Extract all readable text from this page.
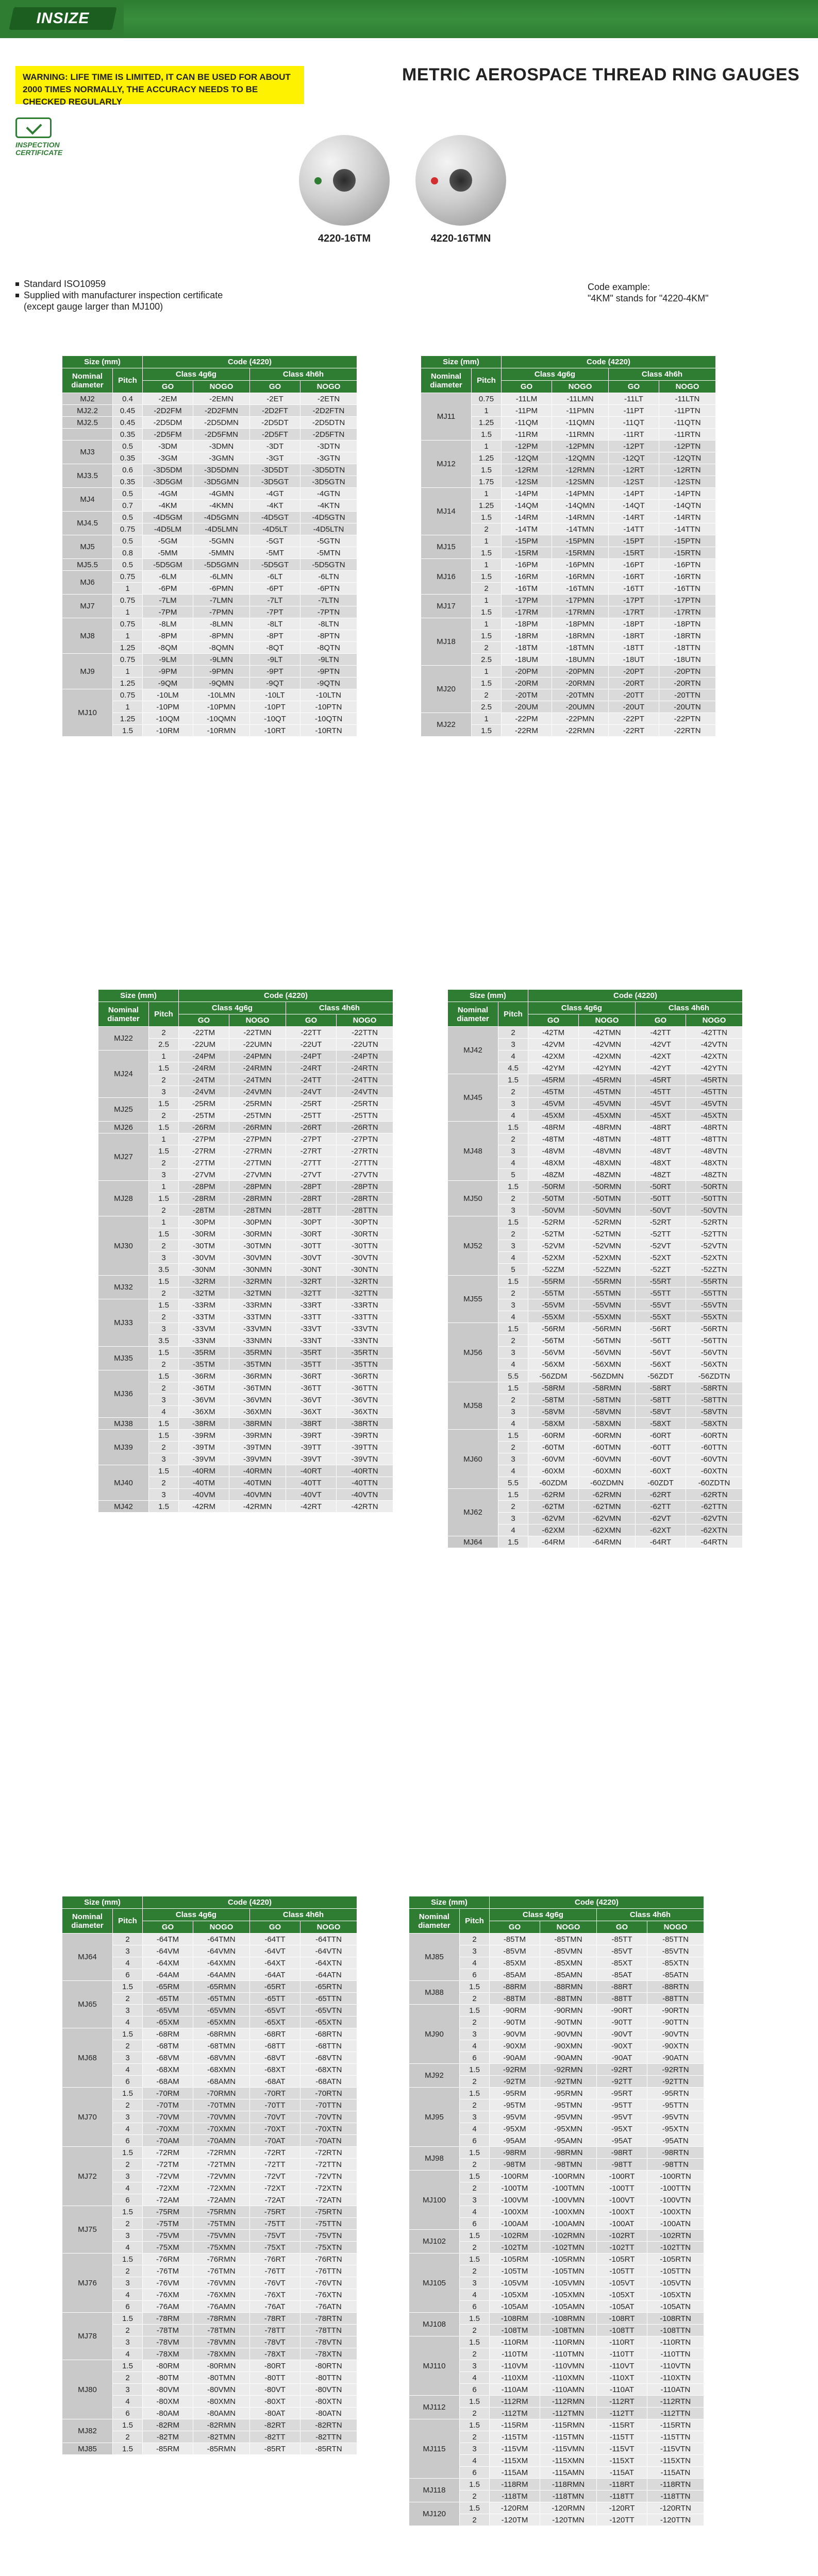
INSIZE
WARNING: LIFE TIME IS LIMITED, IT CAN BE USED FOR ABOUT 2000 TIMES NORMALLY, THE ACCURACY NEEDS TO BE CHECKED REGULARLY
METRIC AEROSPACE THREAD RING GAUGES
INSPECTION
CERTIFICATE
4220-16TM	4220-16TMN
Standard ISO10959
Supplied with manufacturer inspection certificate
(except gauge larger than MJ100)
Code example:
"4KM" stands for "4220-4KM"
Size (mm)		Code (4220)			
Nominal diameter	Pitch	Class 4g6g		Class 4h6h	
		GO	NOGO	GO	NOGO
MJ2	0.4	-2EM	-2EMN	-2ET	-2ETN
MJ2.2	0.45	-2D2FM	-2D2FMN	-2D2FT	-2D2FTN
MJ2.5	0.45	-2D5DM	-2D5DMN	-2D5DT	-2D5DTN
	0.35	-2D5FM	-2D5FMN	-2D5FT	-2D5FTN
MJ3	0.5	-3DM	-3DMN	-3DT	-3DTN
	0.35	-3GM	-3GMN	-3GT	-3GTN
MJ3.5	0.6	-3D5DM	-3D5DMN	-3D5DT	-3D5DTN
	0.35	-3D5GM	-3D5GMN	-3D5GT	-3D5GTN
MJ4	0.5	-4GM	-4GMN	-4GT	-4GTN
	0.7	-4KM	-4KMN	-4KT	-4KTN
MJ4.5	0.5	-4D5GM	-4D5GMN	-4D5GT	-4D5GTN
	0.75	-4D5LM	-4D5LMN	-4D5LT	-4D5LTN
MJ5	0.5	-5GM	-5GMN	-5GT	-5GTN
	0.8	-5MM	-5MMN	-5MT	-5MTN
MJ5.5	0.5	-5D5GM	-5D5GMN	-5D5GT	-5D5GTN
MJ6	0.75	-6LM	-6LMN	-6LT	-6LTN
	1	-6PM	-6PMN	-6PT	-6PTN
MJ7	0.75	-7LM	-7LMN	-7LT	-7LTN
	1	-7PM	-7PMN	-7PT	-7PTN
MJ8	0.75	-8LM	-8LMN	-8LT	-8LTN
	1	-8PM	-8PMN	-8PT	-8PTN
	1.25	-8QM	-8QMN	-8QT	-8QTN
MJ9	0.75	-9LM	-9LMN	-9LT	-9LTN
	1	-9PM	-9PMN	-9PT	-9PTN
	1.25	-9QM	-9QMN	-9QT	-9QTN
MJ10	0.75	-10LM	-10LMN	-10LT	-10LTN
	1	-10PM	-10PMN	-10PT	-10PTN
	1.25	-10QM	-10QMN	-10QT	-10QTN
	1.5	-10RM	-10RMN	-10RT	-10RTN
Size (mm)		Code (4220)			
Nominal diameter	Pitch	Class 4g6g		Class 4h6h	
		GO	NOGO	GO	NOGO
MJ11	0.75	-11LM	-11LMN	-11LT	-11LTN
	1	-11PM	-11PMN	-11PT	-11PTN
	1.25	-11QM	-11QMN	-11QT	-11QTN
	1.5	-11RM	-11RMN	-11RT	-11RTN
MJ12	1	-12PM	-12PMN	-12PT	-12PTN
	1.25	-12QM	-12QMN	-12QT	-12QTN
	1.5	-12RM	-12RMN	-12RT	-12RTN
	1.75	-12SM	-12SMN	-12ST	-12STN
MJ14	1	-14PM	-14PMN	-14PT	-14PTN
	1.25	-14QM	-14QMN	-14QT	-14QTN
	1.5	-14RM	-14RMN	-14RT	-14RTN
	2	-14TM	-14TMN	-14TT	-14TTN
MJ15	1	-15PM	-15PMN	-15PT	-15PTN
	1.5	-15RM	-15RMN	-15RT	-15RTN
MJ16	1	-16PM	-16PMN	-16PT	-16PTN
	1.5	-16RM	-16RMN	-16RT	-16RTN
	2	-16TM	-16TMN	-16TT	-16TTN
MJ17	1	-17PM	-17PMN	-17PT	-17PTN
	1.5	-17RM	-17RMN	-17RT	-17RTN
MJ18	1	-18PM	-18PMN	-18PT	-18PTN
	1.5	-18RM	-18RMN	-18RT	-18RTN
	2	-18TM	-18TMN	-18TT	-18TTN
	2.5	-18UM	-18UMN	-18UT	-18UTN
MJ20	1	-20PM	-20PMN	-20PT	-20PTN
	1.5	-20RM	-20RMN	-20RT	-20RTN
	2	-20TM	-20TMN	-20TT	-20TTN
	2.5	-20UM	-20UMN	-20UT	-20UTN
MJ22	1	-22PM	-22PMN	-22PT	-22PTN
	1.5	-22RM	-22RMN	-22RT	-22RTN
Size (mm)		Code (4220)			
Nominal diameter	Pitch	Class 4g6g		Class 4h6h	
		GO	NOGO	GO	NOGO
MJ22	2	-22TM	-22TMN	-22TT	-22TTN
	2.5	-22UM	-22UMN	-22UT	-22UTN
MJ24	1	-24PM	-24PMN	-24PT	-24PTN
	1.5	-24RM	-24RMN	-24RT	-24RTN
	2	-24TM	-24TMN	-24TT	-24TTN
	3	-24VM	-24VMN	-24VT	-24VTN
MJ25	1.5	-25RM	-25RMN	-25RT	-25RTN
	2	-25TM	-25TMN	-25TT	-25TTN
MJ26	1.5	-26RM	-26RMN	-26RT	-26RTN
MJ27	1	-27PM	-27PMN	-27PT	-27PTN
	1.5	-27RM	-27RMN	-27RT	-27RTN
	2	-27TM	-27TMN	-27TT	-27TTN
	3	-27VM	-27VMN	-27VT	-27VTN
MJ28	1	-28PM	-28PMN	-28PT	-28PTN
	1.5	-28RM	-28RMN	-28RT	-28RTN
	2	-28TM	-28TMN	-28TT	-28TTN
MJ30	1	-30PM	-30PMN	-30PT	-30PTN
	1.5	-30RM	-30RMN	-30RT	-30RTN
	2	-30TM	-30TMN	-30TT	-30TTN
	3	-30VM	-30VMN	-30VT	-30VTN
	3.5	-30NM	-30NMN	-30NT	-30NTN
MJ32	1.5	-32RM	-32RMN	-32RT	-32RTN
	2	-32TM	-32TMN	-32TT	-32TTN
MJ33	1.5	-33RM	-33RMN	-33RT	-33RTN
	2	-33TM	-33TMN	-33TT	-33TTN
	3	-33VM	-33VMN	-33VT	-33VTN
	3.5	-33NM	-33NMN	-33NT	-33NTN
MJ35	1.5	-35RM	-35RMN	-35RT	-35RTN
	2	-35TM	-35TMN	-35TT	-35TTN
MJ36	1.5	-36RM	-36RMN	-36RT	-36RTN
	2	-36TM	-36TMN	-36TT	-36TTN
	3	-36VM	-36VMN	-36VT	-36VTN
	4	-36XM	-36XMN	-36XT	-36XTN
MJ38	1.5	-38RM	-38RMN	-38RT	-38RTN
MJ39	1.5	-39RM	-39RMN	-39RT	-39RTN
	2	-39TM	-39TMN	-39TT	-39TTN
	3	-39VM	-39VMN	-39VT	-39VTN
MJ40	1.5	-40RM	-40RMN	-40RT	-40RTN
	2	-40TM	-40TMN	-40TT	-40TTN
	3	-40VM	-40VMN	-40VT	-40VTN
MJ42	1.5	-42RM	-42RMN	-42RT	-42RTN
Size (mm)		Code (4220)			
Nominal diameter	Pitch	Class 4g6g		Class 4h6h	
		GO	NOGO	GO	NOGO
MJ42	2	-42TM	-42TMN	-42TT	-42TTN
	3	-42VM	-42VMN	-42VT	-42VTN
	4	-42XM	-42XMN	-42XT	-42XTN
	4.5	-42YM	-42YMN	-42YT	-42YTN
MJ45	1.5	-45RM	-45RMN	-45RT	-45RTN
	2	-45TM	-45TMN	-45TT	-45TTN
	3	-45VM	-45VMN	-45VT	-45VTN
	4	-45XM	-45XMN	-45XT	-45XTN
MJ48	1.5	-48RM	-48RMN	-48RT	-48RTN
	2	-48TM	-48TMN	-48TT	-48TTN
	3	-48VM	-48VMN	-48VT	-48VTN
	4	-48XM	-48XMN	-48XT	-48XTN
	5	-48ZM	-48ZMN	-48ZT	-48ZTN
MJ50	1.5	-50RM	-50RMN	-50RT	-50RTN
	2	-50TM	-50TMN	-50TT	-50TTN
	3	-50VM	-50VMN	-50VT	-50VTN
MJ52	1.5	-52RM	-52RMN	-52RT	-52RTN
	2	-52TM	-52TMN	-52TT	-52TTN
	3	-52VM	-52VMN	-52VT	-52VTN
	4	-52XM	-52XMN	-52XT	-52XTN
	5	-52ZM	-52ZMN	-52ZT	-52ZTN
MJ55	1.5	-55RM	-55RMN	-55RT	-55RTN
	2	-55TM	-55TMN	-55TT	-55TTN
	3	-55VM	-55VMN	-55VT	-55VTN
	4	-55XM	-55XMN	-55XT	-55XTN
MJ56	1.5	-56RM	-56RMN	-56RT	-56RTN
	2	-56TM	-56TMN	-56TT	-56TTN
	3	-56VM	-56VMN	-56VT	-56VTN
	4	-56XM	-56XMN	-56XT	-56XTN
	5.5	-56ZDM	-56ZDMN	-56ZDT	-56ZDTN
MJ58	1.5	-58RM	-58RMN	-58RT	-58RTN
	2	-58TM	-58TMN	-58TT	-58TTN
	3	-58VM	-58VMN	-58VT	-58VTN
	4	-58XM	-58XMN	-58XT	-58XTN
MJ60	1.5	-60RM	-60RMN	-60RT	-60RTN
	2	-60TM	-60TMN	-60TT	-60TTN
	3	-60VM	-60VMN	-60VT	-60VTN
	4	-60XM	-60XMN	-60XT	-60XTN
	5.5	-60ZDM	-60ZDMN	-60ZDT	-60ZDTN
MJ62	1.5	-62RM	-62RMN	-62RT	-62RTN
	2	-62TM	-62TMN	-62TT	-62TTN
	3	-62VM	-62VMN	-62VT	-62VTN
	4	-62XM	-62XMN	-62XT	-62XTN
MJ64	1.5	-64RM	-64RMN	-64RT	-64RTN
Size (mm)		Code (4220)			
Nominal diameter	Pitch	Class 4g6g		Class 4h6h	
		GO	NOGO	GO	NOGO
MJ64	2	-64TM	-64TMN	-64TT	-64TTN
	3	-64VM	-64VMN	-64VT	-64VTN
	4	-64XM	-64XMN	-64XT	-64XTN
	6	-64AM	-64AMN	-64AT	-64ATN
MJ65	1.5	-65RM	-65RMN	-65RT	-65RTN
	2	-65TM	-65TMN	-65TT	-65TTN
	3	-65VM	-65VMN	-65VT	-65VTN
	4	-65XM	-65XMN	-65XT	-65XTN
MJ68	1.5	-68RM	-68RMN	-68RT	-68RTN
	2	-68TM	-68TMN	-68TT	-68TTN
	3	-68VM	-68VMN	-68VT	-68VTN
	4	-68XM	-68XMN	-68XT	-68XTN
	6	-68AM	-68AMN	-68AT	-68ATN
MJ70	1.5	-70RM	-70RMN	-70RT	-70RTN
	2	-70TM	-70TMN	-70TT	-70TTN
	3	-70VM	-70VMN	-70VT	-70VTN
	4	-70XM	-70XMN	-70XT	-70XTN
	6	-70AM	-70AMN	-70AT	-70ATN
MJ72	1.5	-72RM	-72RMN	-72RT	-72RTN
	2	-72TM	-72TMN	-72TT	-72TTN
	3	-72VM	-72VMN	-72VT	-72VTN
	4	-72XM	-72XMN	-72XT	-72XTN
	6	-72AM	-72AMN	-72AT	-72ATN
MJ75	1.5	-75RM	-75RMN	-75RT	-75RTN
	2	-75TM	-75TMN	-75TT	-75TTN
	3	-75VM	-75VMN	-75VT	-75VTN
	4	-75XM	-75XMN	-75XT	-75XTN
MJ76	1.5	-76RM	-76RMN	-76RT	-76RTN
	2	-76TM	-76TMN	-76TT	-76TTN
	3	-76VM	-76VMN	-76VT	-76VTN
	4	-76XM	-76XMN	-76XT	-76XTN
	6	-76AM	-76AMN	-76AT	-76ATN
MJ78	1.5	-78RM	-78RMN	-78RT	-78RTN
	2	-78TM	-78TMN	-78TT	-78TTN
	3	-78VM	-78VMN	-78VT	-78VTN
	4	-78XM	-78XMN	-78XT	-78XTN
MJ80	1.5	-80RM	-80RMN	-80RT	-80RTN
	2	-80TM	-80TMN	-80TT	-80TTN
	3	-80VM	-80VMN	-80VT	-80VTN
	4	-80XM	-80XMN	-80XT	-80XTN
	6	-80AM	-80AMN	-80AT	-80ATN
MJ82	1.5	-82RM	-82RMN	-82RT	-82RTN
	2	-82TM	-82TMN	-82TT	-82TTN
MJ85	1.5	-85RM	-85RMN	-85RT	-85RTN
Size (mm)		Code (4220)			
Nominal diameter	Pitch	Class 4g6g		Class 4h6h	
		GO	NOGO	GO	NOGO
MJ85	2	-85TM	-85TMN	-85TT	-85TTN
	3	-85VM	-85VMN	-85VT	-85VTN
	4	-85XM	-85XMN	-85XT	-85XTN
	6	-85AM	-85AMN	-85AT	-85ATN
MJ88	1.5	-88RM	-88RMN	-88RT	-88RTN
	2	-88TM	-88TMN	-88TT	-88TTN
MJ90	1.5	-90RM	-90RMN	-90RT	-90RTN
	2	-90TM	-90TMN	-90TT	-90TTN
	3	-90VM	-90VMN	-90VT	-90VTN
	4	-90XM	-90XMN	-90XT	-90XTN
	6	-90AM	-90AMN	-90AT	-90ATN
MJ92	1.5	-92RM	-92RMN	-92RT	-92RTN
	2	-92TM	-92TMN	-92TT	-92TTN
MJ95	1.5	-95RM	-95RMN	-95RT	-95RTN
	2	-95TM	-95TMN	-95TT	-95TTN
	3	-95VM	-95VMN	-95VT	-95VTN
	4	-95XM	-95XMN	-95XT	-95XTN
	6	-95AM	-95AMN	-95AT	-95ATN
MJ98	1.5	-98RM	-98RMN	-98RT	-98RTN
	2	-98TM	-98TMN	-98TT	-98TTN
MJ100	1.5	-100RM	-100RMN	-100RT	-100RTN
	2	-100TM	-100TMN	-100TT	-100TTN
	3	-100VM	-100VMN	-100VT	-100VTN
	4	-100XM	-100XMN	-100XT	-100XTN
	6	-100AM	-100AMN	-100AT	-100ATN
MJ102	1.5	-102RM	-102RMN	-102RT	-102RTN
	2	-102TM	-102TMN	-102TT	-102TTN
MJ105	1.5	-105RM	-105RMN	-105RT	-105RTN
	2	-105TM	-105TMN	-105TT	-105TTN
	3	-105VM	-105VMN	-105VT	-105VTN
	4	-105XM	-105XMN	-105XT	-105XTN
	6	-105AM	-105AMN	-105AT	-105ATN
MJ108	1.5	-108RM	-108RMN	-108RT	-108RTN
	2	-108TM	-108TMN	-108TT	-108TTN
MJ110	1.5	-110RM	-110RMN	-110RT	-110RTN
	2	-110TM	-110TMN	-110TT	-110TTN
	3	-110VM	-110VMN	-110VT	-110VTN
	4	-110XM	-110XMN	-110XT	-110XTN
	6	-110AM	-110AMN	-110AT	-110ATN
MJ112	1.5	-112RM	-112RMN	-112RT	-112RTN
	2	-112TM	-112TMN	-112TT	-112TTN
MJ115	1.5	-115RM	-115RMN	-115RT	-115RTN
	2	-115TM	-115TMN	-115TT	-115TTN
	3	-115VM	-115VMN	-115VT	-115VTN
	4	-115XM	-115XMN	-115XT	-115XTN
	6	-115AM	-115AMN	-115AT	-115ATN
MJ118	1.5	-118RM	-118RMN	-118RT	-118RTN
	2	-118TM	-118TMN	-118TT	-118TTN
MJ120	1.5	-120RM	-120RMN	-120RT	-120RTN
	2	-120TM	-120TMN	-120TT	-120TTN
